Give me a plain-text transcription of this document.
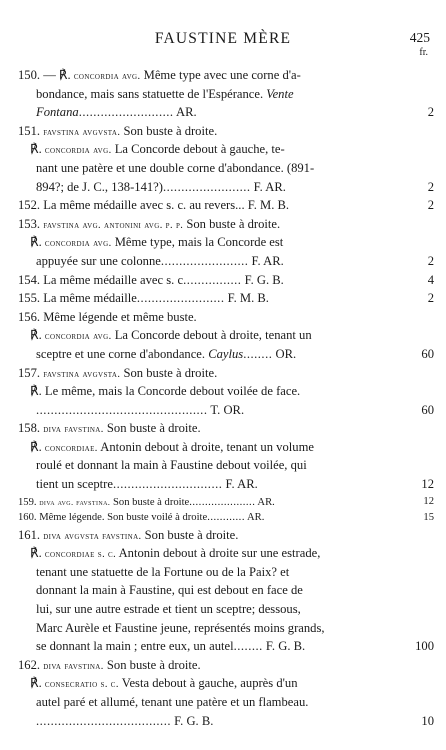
FAUSTINE MÈRE	425
fr.
150. — ℟. concordia avg. Même type avec une corne d'a-
bondance, mais sans statuette de l'Espérance. Vente
Fontana.......................... AR.	2
151. favstina avgvsta. Son buste à droite.
℟. concordia avg. La Concorde debout à gauche, te-
nant une patère et une double corne d'abondance. (891-
894?; de J. C., 138-141?)........................ F. AR.	2
152. La même médaille avec s. c. au revers... F. M. B.	2
153. favstina avg. antonini avg. p. p. Son buste à droite.
℟. concordia avg. Même type, mais la Concorde est
appuyée sur une colonne........................ F. AR.	2
154. La même médaille avec s. c................ F. G. B.	4
155. La même médaille........................ F. M. B.	2
156. Même légende et même buste.
℟. concordia avg. La Concorde debout à droite, tenant un
sceptre et une corne d'abondance. Caylus........ OR.	60
157. favstina avgvsta. Son buste à droite.
℟. Le même, mais la Concorde debout voilée de face.
............................................... T. OR.	60
158. diva favstina. Son buste à droite.
℟. concordiae. Antonin debout à droite, tenant un volume
roulé et donnant la main à Faustine debout voilée, qui
tient un sceptre.............................. F. AR.	12
159. diva avg. favstina. Son buste à droite..................... AR.	12
160. Même légende. Son buste voilé à droite............ AR.	15
161. diva avgvsta favstina. Son buste à droite.
℟. concordiae s. c. Antonin debout à droite sur une estrade,
tenant une statuette de la Fortune ou de la Paix? et
donnant la main à Faustine, qui est debout en face de
lui, sur une autre estrade et tient un sceptre; dessous,
Marc Aurèle et Faustine jeune, représentés moins grands,
se donnant la main ; entre eux, un autel........ F. G. B.	100
162. diva favstina. Son buste à droite.
℟. consecratio s. c. Vesta debout à gauche, auprès d'un
autel paré et allumé, tenant une patère et un flambeau.
..................................... F. G. B.	10
